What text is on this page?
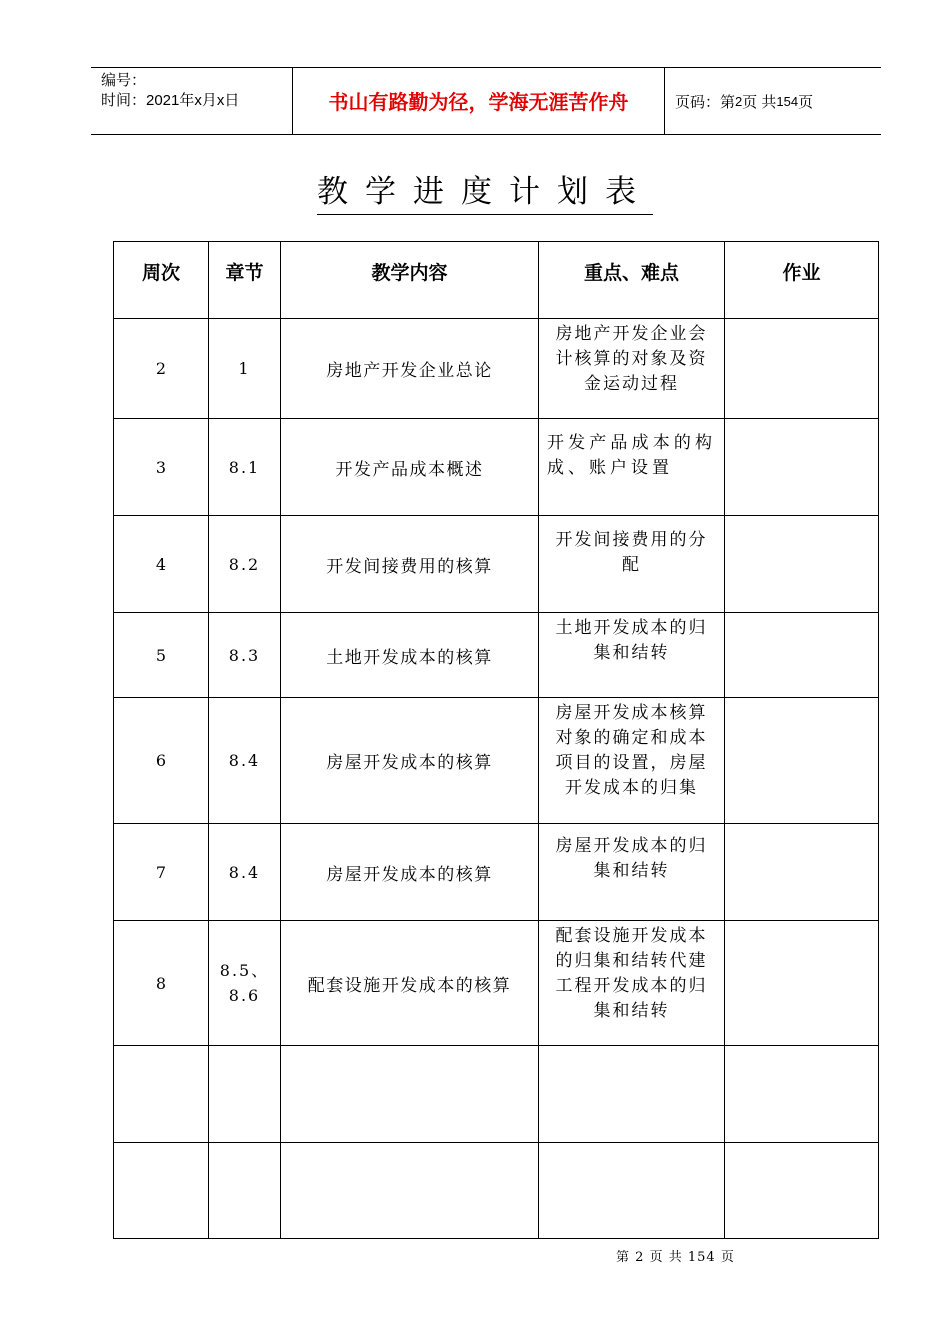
编号：
时间：2021年x月x日	书山有路勤为径，学海无涯苦作舟	页码：第 2 页 共 154 页
教学进度计划表
周次	章节	教学内容	重点、难点	作业
2	1	房地产开发企业总论	房地产开发企业会计核算的对象及资金运动过程	
3	8.1	开发产品成本概述	开发产品成本的构成、账户设置	
4	8.2	开发间接费用的核算	开发间接费用的分配	
5	8.3	土地开发成本的核算	土地开发成本的归集和结转	
6	8.4	房屋开发成本的核算	房屋开发成本核算对象的确定和成本项目的设置，房屋开发成本的归集	
7	8.4	房屋开发成本的核算	房屋开发成本的归集和结转	
8	8.5、8.6	配套设施开发成本的核算	配套设施开发成本的归集和结转代建工程开发成本的归集和结转	

第 2 页 共 154 页
